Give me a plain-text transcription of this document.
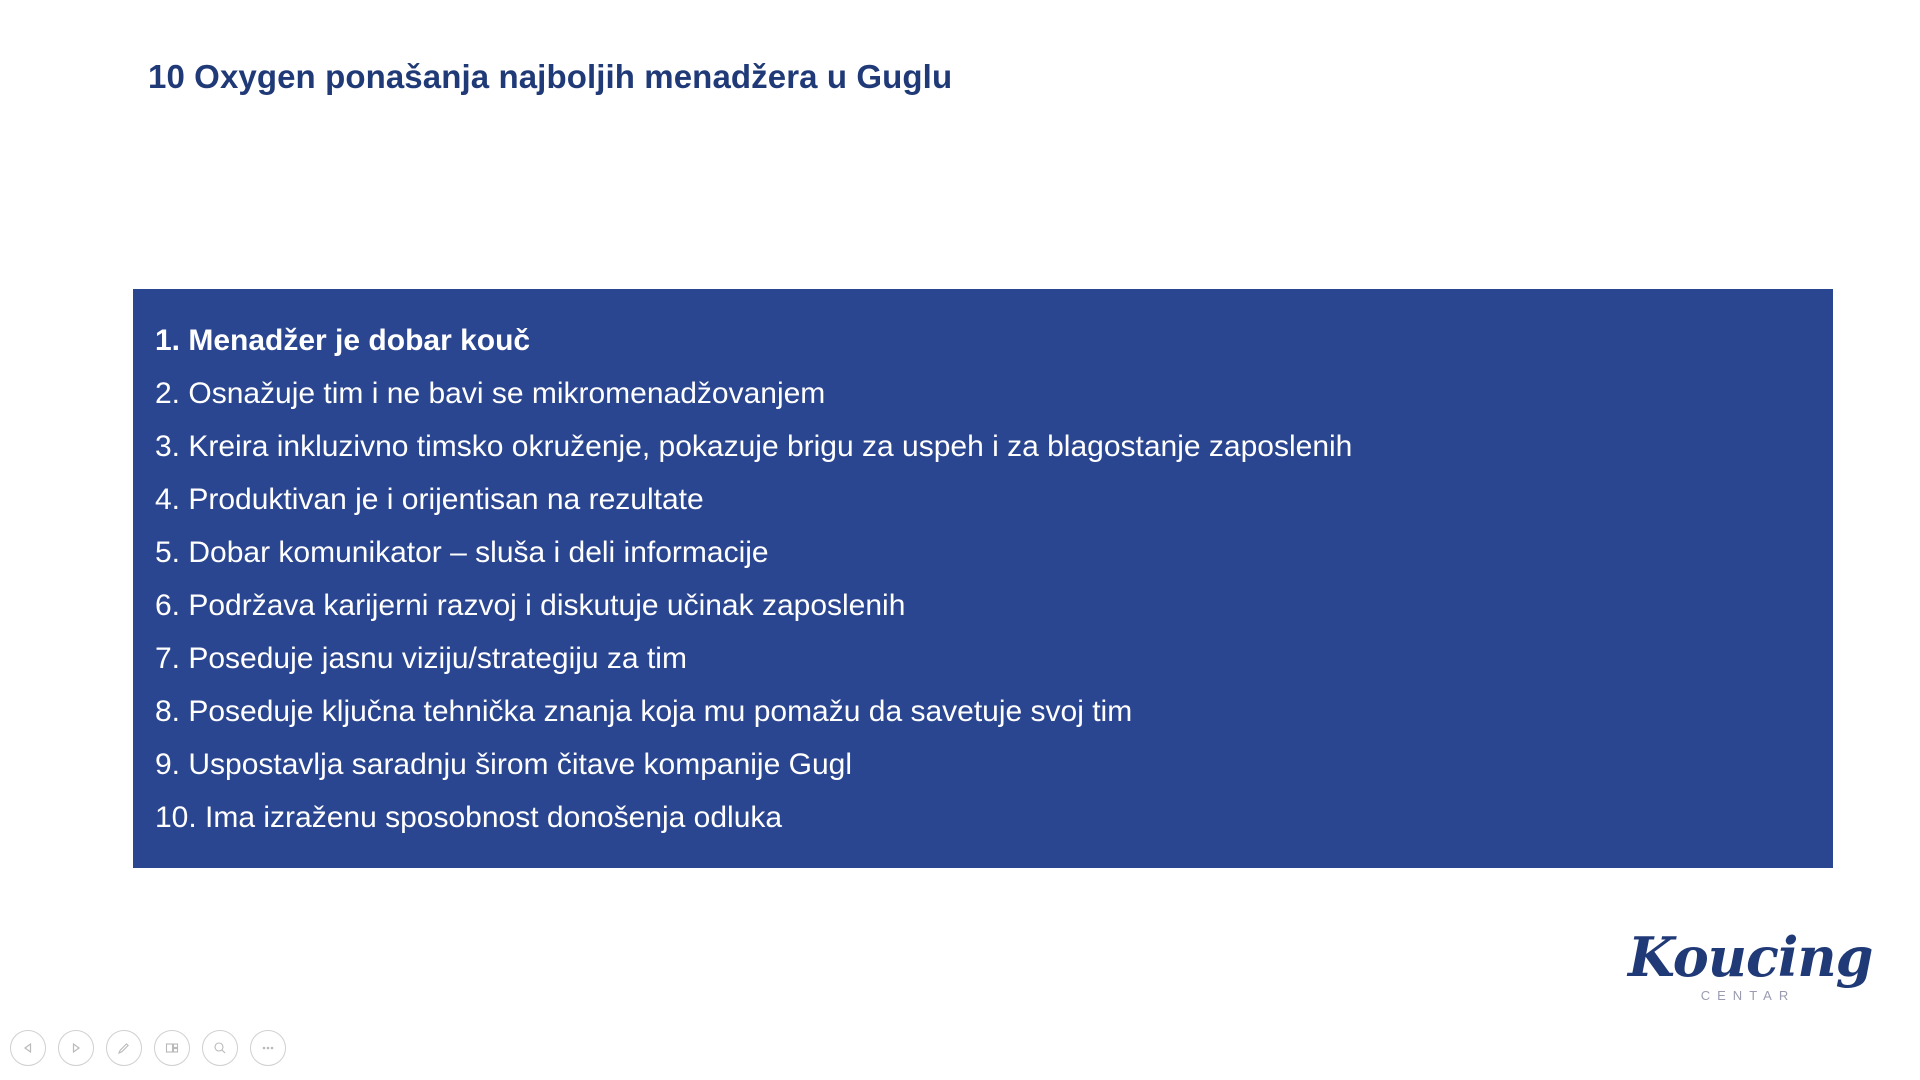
10 Oxygen ponašanja najboljih menadžera u Guglu
1. Menadžer je dobar kouč
2. Osnažuje tim i ne bavi se mikromenadžovanjem
3. Kreira inkluzivno timsko okruženje, pokazuje brigu za uspeh i za blagostanje zaposlenih
4. Produktivan je i orijentisan na rezultate
5. Dobar komunikator – sluša i deli informacije
6. Podržava karijerni razvoj i diskutuje učinak zaposlenih
7. Poseduje jasnu viziju/strategiju za tim
8. Poseduje ključna tehnička znanja koja mu pomažu da savetuje svoj tim
9. Uspostavlja saradnju širom čitave kompanije Gugl
10. Ima izraženu sposobnost donošenja odluka
Koucing
CENTAR
